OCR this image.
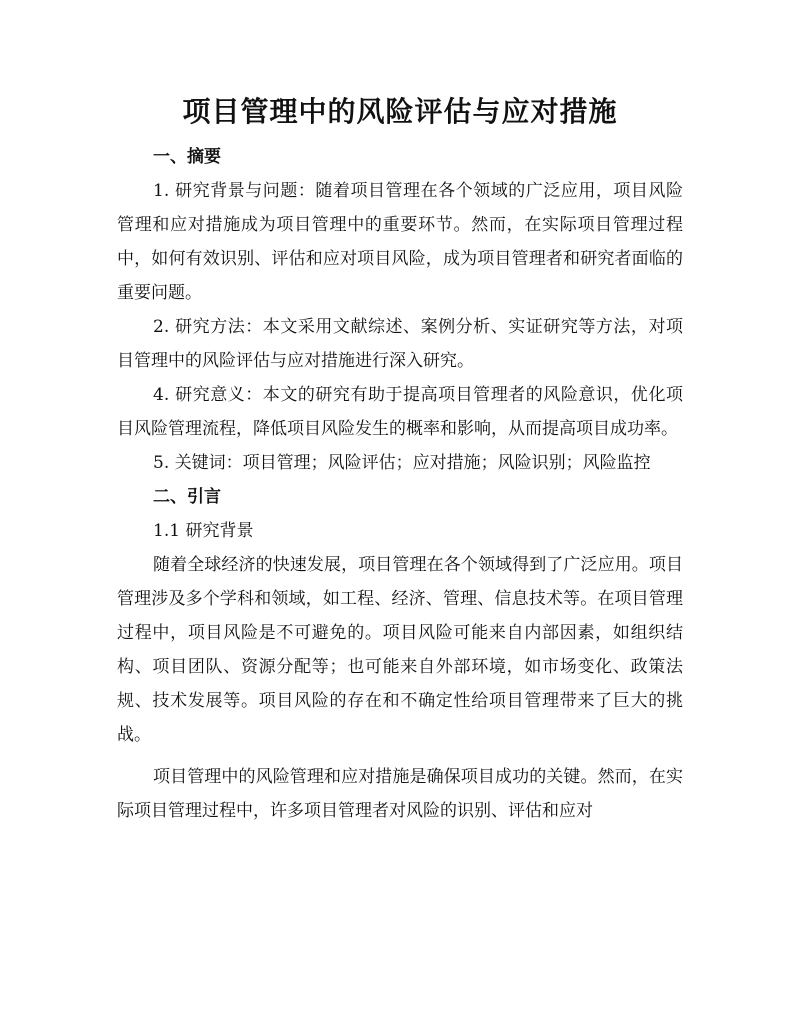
项目管理中的风险评估与应对措施
一、摘要

1. 研究背景与问题：随着项目管理在各个领域的广泛应用，项目风险管理和应对措施成为项目管理中的重要环节。然而，在实际项目管理过程中，如何有效识别、评估和应对项目风险，成为项目管理者和研究者面临的重要问题。

2. 研究方法：本文采用文献综述、案例分析、实证研究等方法，对项目管理中的风险评估与应对措施进行深入研究。

4. 研究意义：本文的研究有助于提高项目管理者的风险意识，优化项目风险管理流程，降低项目风险发生的概率和影响，从而提高项目成功率。

5. 关键词：项目管理；风险评估；应对措施；风险识别；风险监控

二、引言

1.1 研究背景

随着全球经济的快速发展，项目管理在各个领域得到了广泛应用。项目管理涉及多个学科和领域，如工程、经济、管理、信息技术等。在项目管理过程中，项目风险是不可避免的。项目风险可能来自内部因素，如组织结构、项目团队、资源分配等；也可能来自外部环境，如市场变化、政策法规、技术发展等。项目风险的存在和不确定性给项目管理带来了巨大的挑战。

项目管理中的风险管理和应对措施是确保项目成功的关键。然而，在实际项目管理过程中，许多项目管理者对风险的识别、评估和应对
